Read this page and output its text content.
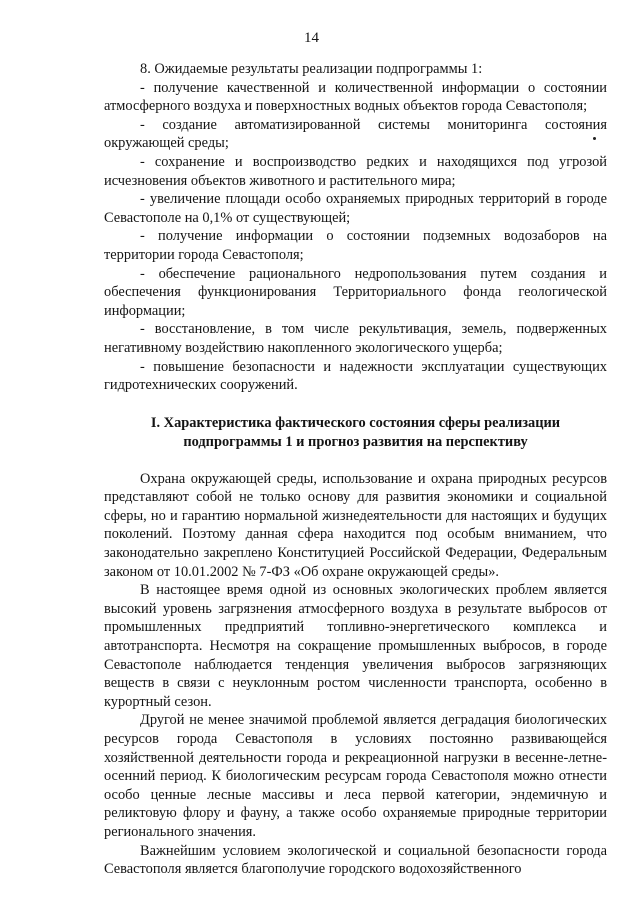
14

8. Ожидаемые результаты реализации подпрограммы 1:

- получение качественной и количественной информации о состоянии атмосферного воздуха и поверхностных водных объектов города Севастополя;

- создание автоматизированной системы мониторинга состояния окружающей среды;

- сохранение и воспроизводство редких и находящихся под угрозой исчезновения объектов животного и растительного мира;

- увеличение площади особо охраняемых природных территорий в городе Севастополе на 0,1% от существующей;

- получение информации о состоянии подземных водозаборов на территории города Севастополя;

- обеспечение рационального недропользования путем создания и обеспечения функционирования Территориального фонда геологической информации;

- восстановление, в том числе рекультивация, земель, подверженных негативному воздействию накопленного экологического ущерба;

- повышение безопасности и надежности эксплуатации существующих гидротехнических сооружений.

I. Характеристика фактического состояния сферы реализации
подпрограммы 1 и прогноз развития на перспективу

Охрана окружающей среды, использование и охрана природных ресурсов представляют собой не только основу для развития экономики и социальной сферы, но и гарантию нормальной жизнедеятельности для настоящих и будущих поколений. Поэтому данная сфера находится под особым вниманием, что законодательно закреплено Конституцией Российской Федерации, Федеральным законом от 10.01.2002 № 7-ФЗ «Об охране окружающей среды».

В настоящее время одной из основных экологических проблем является высокий уровень загрязнения атмосферного воздуха в результате выбросов от промышленных предприятий топливно-энергетического комплекса и автотранспорта. Несмотря на сокращение промышленных выбросов, в городе Севастополе наблюдается тенденция увеличения выбросов загрязняющих веществ в связи с неуклонным ростом численности транспорта, особенно в курортный сезон.

Другой не менее значимой проблемой является деградация биологических ресурсов города Севастополя в условиях постоянно развивающейся хозяйственной деятельности города и рекреационной нагрузки в весенне-летне-осенний период. К биологическим ресурсам города Севастополя можно отнести особо ценные лесные массивы и леса первой категории, эндемичную и реликтовую флору и фауну, а также особо охраняемые природные территории регионального значения.

Важнейшим условием экологической и социальной безопасности города Севастополя является благополучие городского водохозяйственного
